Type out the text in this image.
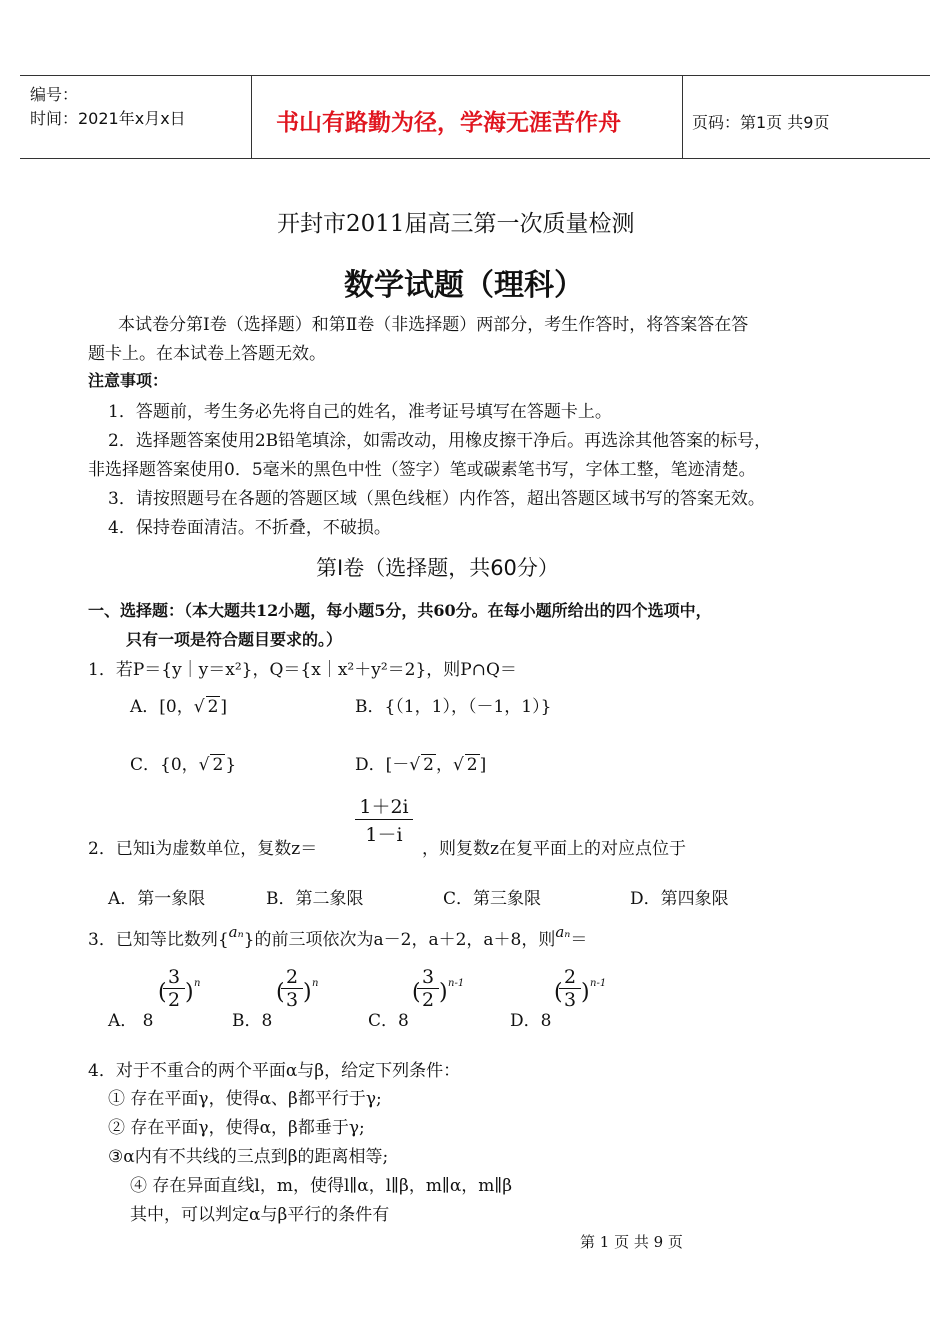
编号：
时间：2021年x月x日	书山有路勤为径，学海无涯苦作舟	页码：第1页 共9页
开封市2011届高三第一次质量检测
数学试题（理科）
本试卷分第Ⅰ卷（选择题）和第Ⅱ卷（非选择题）两部分，考生作答时，将答案答在答
题卡上。在本试卷上答题无效。
注意事项：
1．答题前，考生务必先将自己的姓名，准考证号填写在答题卡上。
2．选择题答案使用2B铅笔填涂，如需改动，用橡皮擦干净后。再选涂其他答案的标号，
非选择题答案使用0．5毫米的黑色中性（签字）笔或碳素笔书写，字体工整，笔迹清楚。
3．请按照题号在各题的答题区域（黑色线框）内作答，超出答题区域书写的答案无效。
4．保持卷面清洁。不折叠，不破损。
第Ⅰ卷（选择题，共60分）
一、选择题：（本大题共12小题，每小题5分，共60分。在每小题所给出的四个选项中，
只有一项是符合题目要求的。）
1．若P＝{y｜y＝x²}，Q＝{x｜x²＋y²＝2}，则P∩Q＝
A．[0，√ 2 ]	B．{（1，1），（－1，1）}
C．{0，√ 2 }	D．[－√ 2 ，√ 2 ]
2．已知i为虚数单位，复数z＝
$\frac{1+2i}{1-i}$
，则复数z在复平面上的对应点位于
A．第一象限	B．第二象限	C．第三象限	D．第四象限
3．已知等比数列{aₙ}的前三项依次为a－2，a＋2，a＋8，则aₙ＝
A． 8
$\frac{3}{2}$
( ) n
B．8
$\frac{2}{3}$
( ) n
C．8
$\frac{3}{2}$
( ) n-1
D．8
$\frac{2}{3}$
( ) n-1
4．对于不重合的两个平面α与β，给定下列条件：
① 存在平面γ，使得α、β都平行于γ;
② 存在平面γ，使得α，β都垂于γ;
③α内有不共线的三点到β的距离相等;
④ 存在异面直线l，m，使得l∥α，l∥β，m∥α，m∥β
其中，可以判定α与β平行的条件有
第 1 页 共 9 页
